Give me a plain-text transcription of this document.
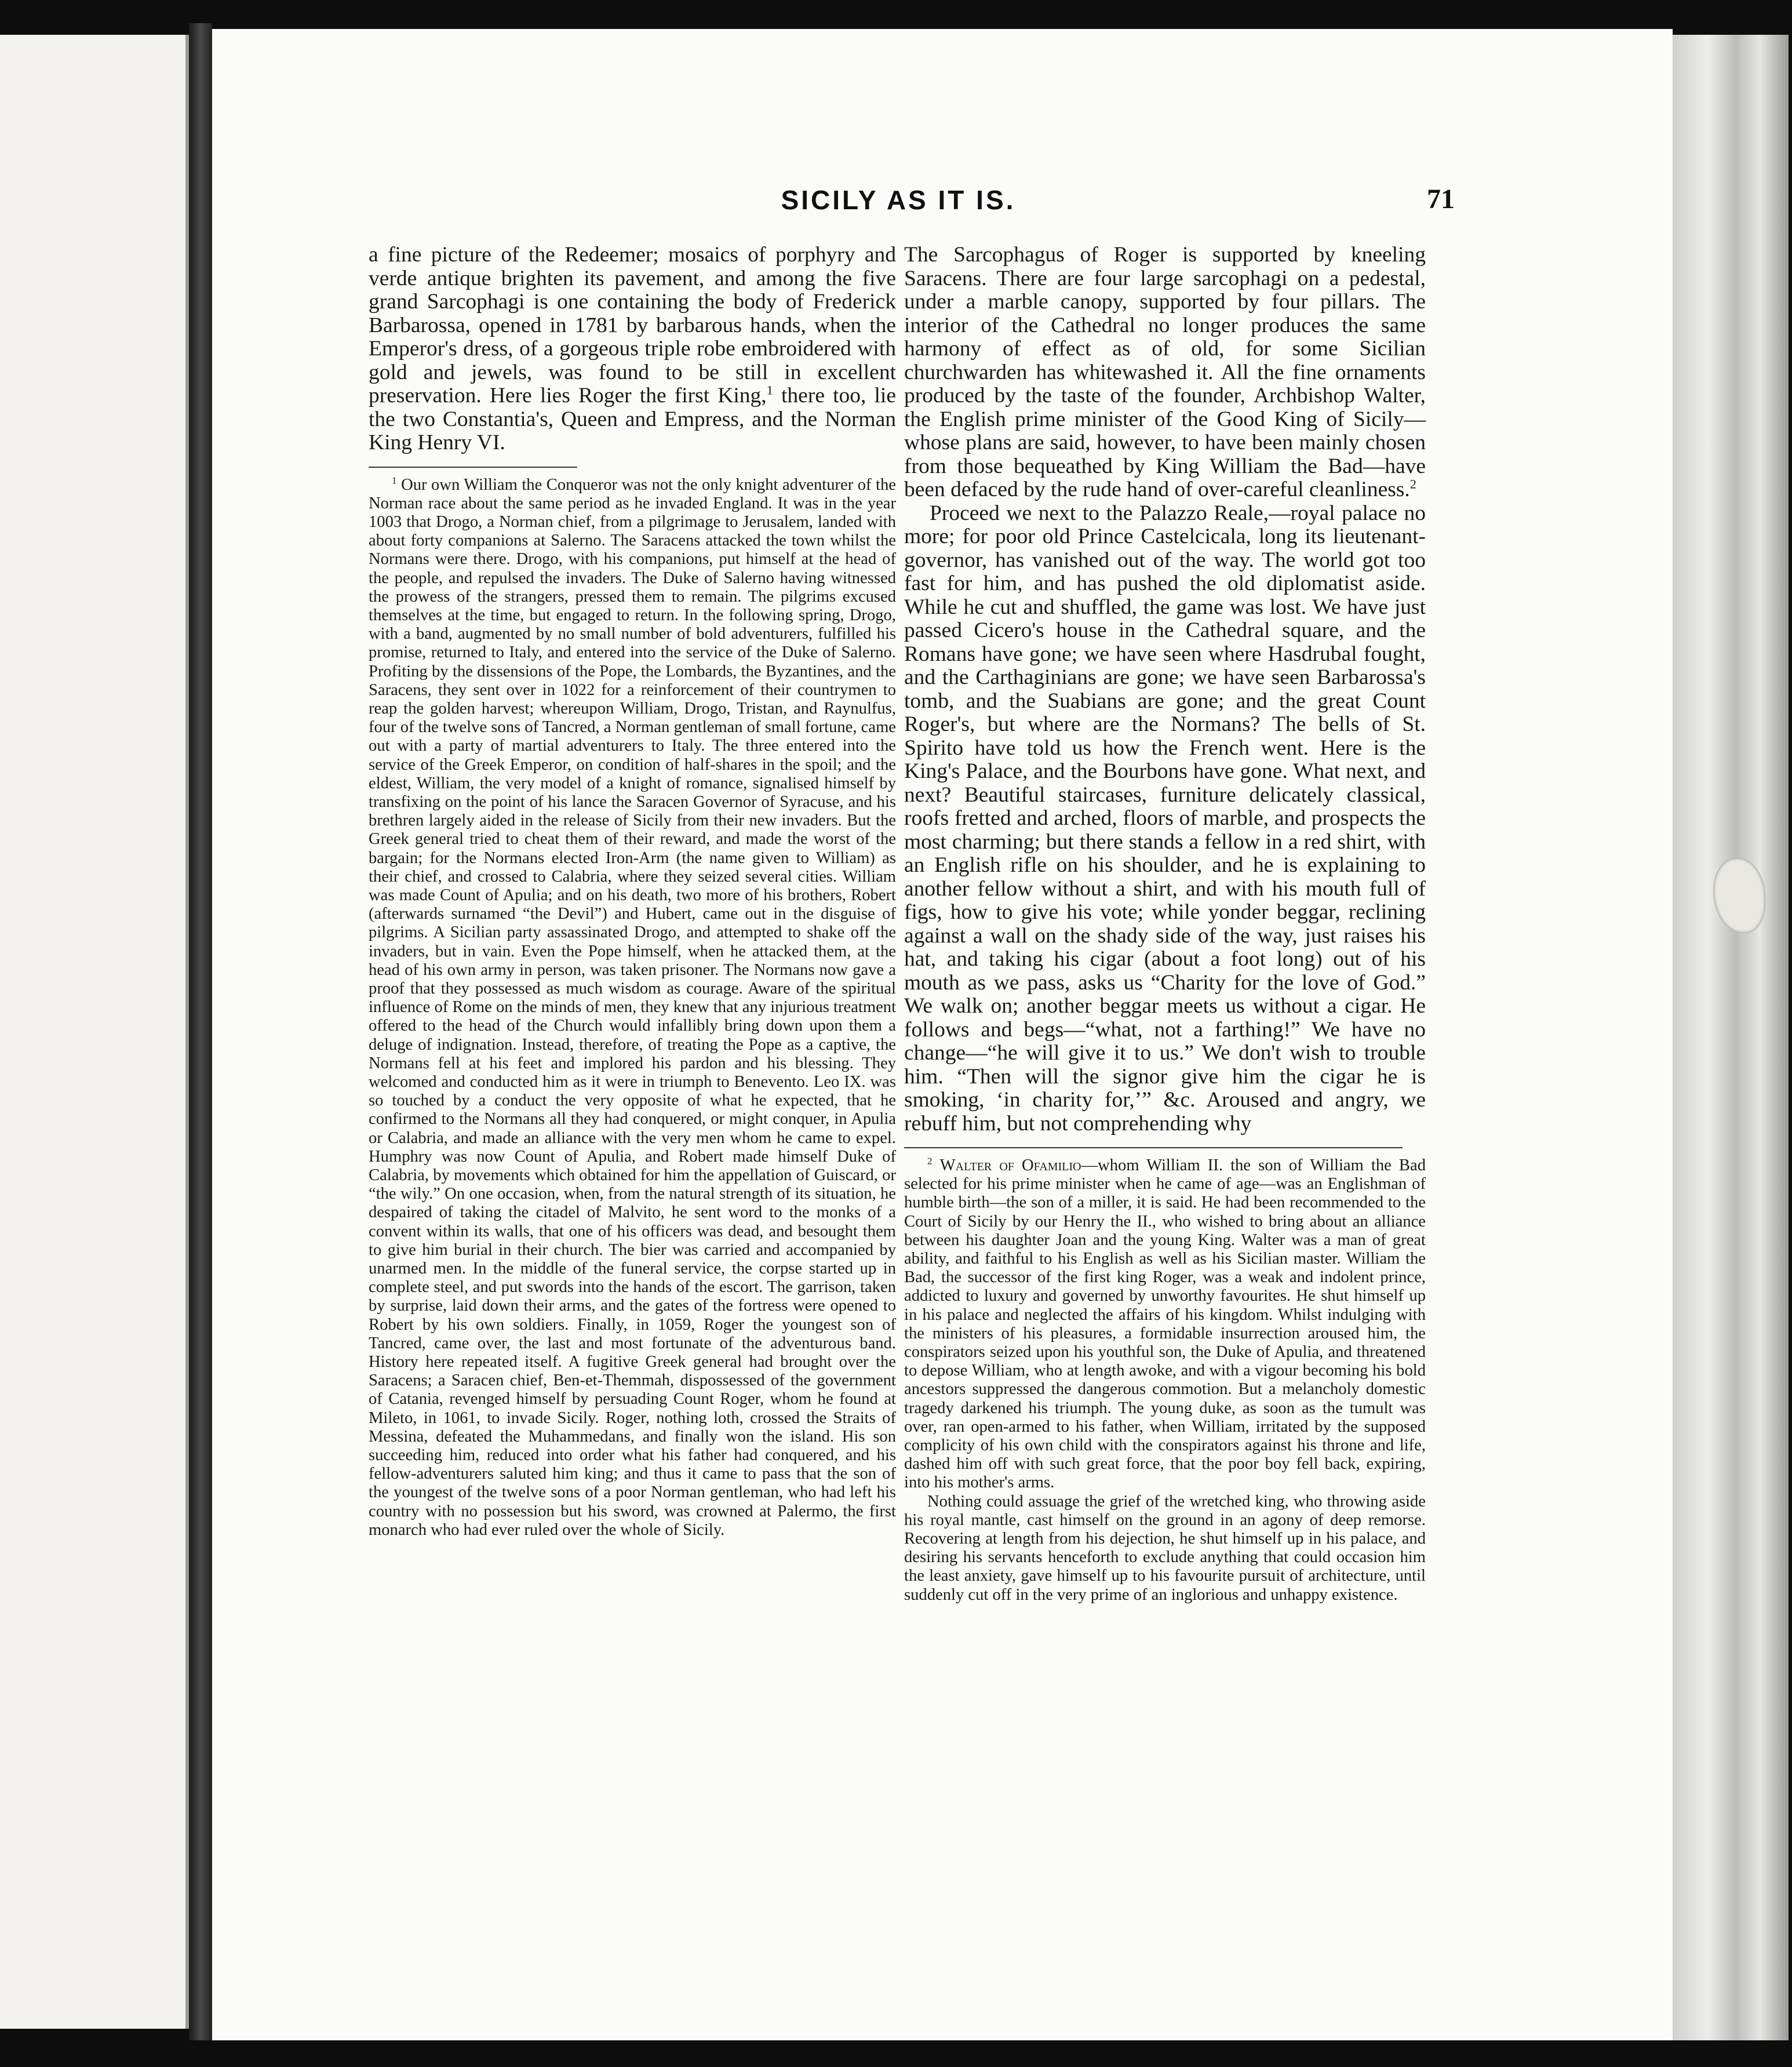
SICILY AS IT IS.	71

a fine picture of the Redeemer; mosaics of porphyry and verde antique brighten its pavement, and among the five grand Sarcophagi is one containing the body of Frederick Barbarossa, opened in 1781 by barbarous hands, when the Emperor's dress, of a gorgeous triple robe embroidered with gold and jewels, was found to be still in excellent preservation. Here lies Roger the first King,$^1$ there too, lie the two Constantia's, Queen and Empress, and the Norman King Henry VI.

$^1$ Our own William the Conqueror was not the only knight adventurer of the Norman race about the same period as he invaded England. It was in the year 1003 that Drogo, a Norman chief, from a pilgrimage to Jerusalem, landed with about forty companions at Salerno. The Saracens attacked the town whilst the Normans were there. Drogo, with his companions, put himself at the head of the people, and repulsed the invaders. The Duke of Salerno having witnessed the prowess of the strangers, pressed them to remain. The pilgrims excused themselves at the time, but engaged to return. In the following spring, Drogo, with a band, augmented by no small number of bold adventurers, fulfilled his promise, returned to Italy, and entered into the service of the Duke of Salerno. Profiting by the dissensions of the Pope, the Lombards, the Byzantines, and the Saracens, they sent over in 1022 for a reinforcement of their countrymen to reap the golden harvest; whereupon William, Drogo, Tristan, and Raynulfus, four of the twelve sons of Tancred, a Norman gentleman of small fortune, came out with a party of martial adventurers to Italy. The three entered into the service of the Greek Emperor, on condition of half-shares in the spoil; and the eldest, William, the very model of a knight of romance, signalised himself by transfixing on the point of his lance the Saracen Governor of Syracuse, and his brethren largely aided in the release of Sicily from their new invaders. But the Greek general tried to cheat them of their reward, and made the worst of the bargain; for the Normans elected Iron-Arm (the name given to William) as their chief, and crossed to Calabria, where they seized several cities. William was made Count of Apulia; and on his death, two more of his brothers, Robert (afterwards surnamed “the Devil”) and Hubert, came out in the disguise of pilgrims. A Sicilian party assassinated Drogo, and attempted to shake off the invaders, but in vain. Even the Pope himself, when he attacked them, at the head of his own army in person, was taken prisoner. The Normans now gave a proof that they possessed as much wisdom as courage. Aware of the spiritual influence of Rome on the minds of men, they knew that any injurious treatment offered to the head of the Church would infallibly bring down upon them a deluge of indignation. Instead, therefore, of treating the Pope as a captive, the Normans fell at his feet and implored his pardon and his blessing. They welcomed and conducted him as it were in triumph to Benevento. Leo IX. was so touched by a conduct the very opposite of what he expected, that he confirmed to the Normans all they had conquered, or might conquer, in Apulia or Calabria, and made an alliance with the very men whom he came to expel. Humphry was now Count of Apulia, and Robert made himself Duke of Calabria, by movements which obtained for him the appellation of Guiscard, or “the wily.” On one occasion, when, from the natural strength of its situation, he despaired of taking the citadel of Malvito, he sent word to the monks of a convent within its walls, that one of his officers was dead, and besought them to give him burial in their church. The bier was carried and accompanied by unarmed men. In the middle of the funeral service, the corpse started up in complete steel, and put swords into the hands of the escort. The garrison, taken by surprise, laid down their arms, and the gates of the fortress were opened to Robert by his own soldiers. Finally, in 1059, Roger the youngest son of Tancred, came over, the last and most fortunate of the adventurous band. History here repeated itself. A fugitive Greek general had brought over the Saracens; a Saracen chief, Ben-et-Themmah, dispossessed of the government of Catania, revenged himself by persuading Count Roger, whom he found at Mileto, in 1061, to invade Sicily. Roger, nothing loth, crossed the Straits of Messina, defeated the Muhammedans, and finally won the island. His son succeeding him, reduced into order what his father had conquered, and his fellow-adventurers saluted him king; and thus it came to pass that the son of the youngest of the twelve sons of a poor Norman gentleman, who had left his country with no possession but his sword, was crowned at Palermo, the first monarch who had ever ruled over the whole of Sicily.

The Sarcophagus of Roger is supported by kneeling Saracens. There are four large sarcophagi on a pedestal, under a marble canopy, supported by four pillars. The interior of the Cathedral no longer produces the same harmony of effect as of old, for some Sicilian churchwarden has whitewashed it. All the fine ornaments produced by the taste of the founder, Archbishop Walter, the English prime minister of the Good King of Sicily—whose plans are said, however, to have been mainly chosen from those bequeathed by King William the Bad—have been defaced by the rude hand of over-careful cleanliness.$^2$

Proceed we next to the Palazzo Reale,—royal palace no more; for poor old Prince Castelcicala, long its lieutenant-governor, has vanished out of the way. The world got too fast for him, and has pushed the old diplomatist aside. While he cut and shuffled, the game was lost. We have just passed Cicero's house in the Cathedral square, and the Romans have gone; we have seen where Hasdrubal fought, and the Carthaginians are gone; we have seen Barbarossa's tomb, and the Suabians are gone; and the great Count Roger's, but where are the Normans? The bells of St. Spirito have told us how the French went. Here is the King's Palace, and the Bourbons have gone. What next, and next? Beautiful staircases, furniture delicately classical, roofs fretted and arched, floors of marble, and prospects the most charming; but there stands a fellow in a red shirt, with an English rifle on his shoulder, and he is explaining to another fellow without a shirt, and with his mouth full of figs, how to give his vote; while yonder beggar, reclining against a wall on the shady side of the way, just raises his hat, and taking his cigar (about a foot long) out of his mouth as we pass, asks us “Charity for the love of God.” We walk on; another beggar meets us without a cigar. He follows and begs—“what, not a farthing!” We have no change—“he will give it to us.” We don't wish to trouble him. “Then will the signor give him the cigar he is smoking, ‘in charity for,’” &c. Aroused and angry, we rebuff him, but not comprehending why

$^2$ Walter of Ofamilio—whom William II. the son of William the Bad selected for his prime minister when he came of age—was an Englishman of humble birth—the son of a miller, it is said. He had been recommended to the Court of Sicily by our Henry the II., who wished to bring about an alliance between his daughter Joan and the young King. Walter was a man of great ability, and faithful to his English as well as his Sicilian master. William the Bad, the successor of the first king Roger, was a weak and indolent prince, addicted to luxury and governed by unworthy favourites. He shut himself up in his palace and neglected the affairs of his kingdom. Whilst indulging with the ministers of his pleasures, a formidable insurrection aroused him, the conspirators seized upon his youthful son, the Duke of Apulia, and threatened to depose William, who at length awoke, and with a vigour becoming his bold ancestors suppressed the dangerous commotion. But a melancholy domestic tragedy darkened his triumph. The young duke, as soon as the tumult was over, ran open-armed to his father, when William, irritated by the supposed complicity of his own child with the conspirators against his throne and life, dashed him off with such great force, that the poor boy fell back, expiring, into his mother's arms.

Nothing could assuage the grief of the wretched king, who throwing aside his royal mantle, cast himself on the ground in an agony of deep remorse. Recovering at length from his dejection, he shut himself up in his palace, and desiring his servants henceforth to exclude anything that could occasion him the least anxiety, gave himself up to his favourite pursuit of architecture, until suddenly cut off in the very prime of an inglorious and unhappy existence.
